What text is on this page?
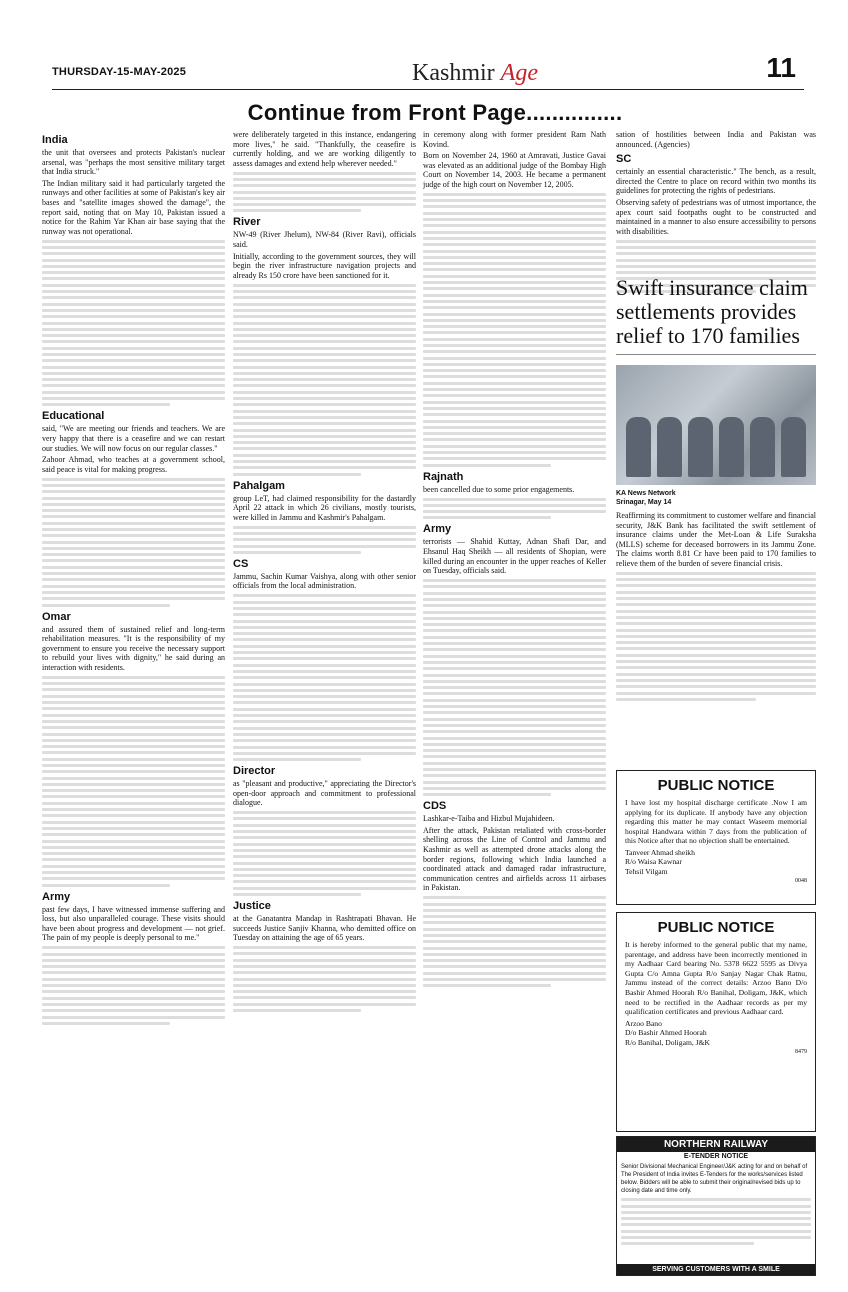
THURSDAY-15-MAY-2025	Kashmir Age	11
Continue from Front Page...............
India

the unit that oversees and protects Pakistan's nuclear arsenal, was "perhaps the most sensitive military target that India struck."

The Indian military said it had particularly targeted the runways and other facilities at some of Pakistan's key air bases and "satellite images showed the damage", the report said, noting that on May 10, Pakistan issued a notice for the Rahim Yar Khan air base saying that the runway was not operational.

Educational

said, "We are meeting our friends and teachers. We are very happy that there is a ceasefire and we can restart our studies. We will now focus on our regular classes."

Zahoor Ahmad, who teaches at a government school, said peace is vital for making progress.

Omar

and assured them of sustained relief and long-term rehabilitation measures. "It is the responsibility of my government to ensure you receive the necessary support to rebuild your lives with dignity," he said during an interaction with residents.

Army

past few days, I have witnessed immense suffering and loss, but also unparalleled courage. These visits should have been about progress and development — not grief. The pain of my people is deeply personal to me."

were deliberately targeted in this instance, endangering more lives," he said. "Thankfully, the ceasefire is currently holding, and we are working diligently to assess damages and extend help wherever needed."

River

NW-49 (River Jhelum), NW-84 (River Ravi), officials said.

Initially, according to the government sources, they will begin the river infrastructure navigation projects and already Rs 150 crore have been sanctioned for it.

Pahalgam

group LeT, had claimed responsibility for the dastardly April 22 attack in which 26 civilians, mostly tourists, were killed in Jammu and Kashmir's Pahalgam.

CS

Jammu, Sachin Kumar Vaishya, along with other senior officials from the local administration.

Director

as "pleasant and productive," appreciating the Director's open-door approach and commitment to professional dialogue.

Justice

at the Ganatantra Mandap in Rashtrapati Bhavan. He succeeds Justice Sanjiv Khanna, who demitted office on Tuesday on attaining the age of 65 years.

in ceremony along with former president Ram Nath Kovind.

Born on November 24, 1960 at Amravati, Justice Gavai was elevated as an additional judge of the Bombay High Court on November 14, 2003. He became a permanent judge of the high court on November 12, 2005.

Rajnath

been cancelled due to some prior engagements.

Army

terrorists — Shahid Kuttay, Adnan Shafi Dar, and Ehsanul Haq Sheikh — all residents of Shopian, were killed during an encounter in the upper reaches of Keller on Tuesday, officials said.

CDS

Lashkar-e-Taiba and Hizbul Mujahideen.

After the attack, Pakistan retaliated with cross-border shelling across the Line of Control and Jammu and Kashmir as well as attempted drone attacks along the border regions, following which India launched a coordinated attack and damaged radar infrastructure, communication centres and airfields across 11 airbases in Pakistan.

sation of hostilities between India and Pakistan was announced. (Agencies)

SC

certainly an essential characteristic." The bench, as a result, directed the Centre to place on record within two months its guidelines for protecting the rights of pedestrians.

Observing safety of pedestrians was of utmost importance, the apex court said footpaths ought to be constructed and maintained in a manner to also ensure accessibility to persons with disabilities.

Swift insurance claim settlements provides relief to 170 families
KA News Network
Srinagar, May 14

Reaffirming its commitment to customer welfare and financial security, J&K Bank has facilitated the swift settlement of insurance claims under the Met-Loan & Life Suraksha (MLLS) scheme for deceased borrowers in its Jammu Zone. The claims worth 8.81 Cr have been paid to 170 families to relieve them of the burden of severe financial crisis.

PUBLIC NOTICE

I have lost my hospital discharge certificate .Now I am applying for its duplicate. If anybody have any objection regarding this matter he may contact Waseem memorial hospital Handwara within 7 days from the publication of this Notice after that no objection shall be entertained.

Tanveer Ahmad sheikh
R/o Waisa Kawnar
Tehsil Vilgam
0048
PUBLIC NOTICE

It is hereby informed to the general public that my name, parentage, and address have been incorrectly mentioned in my Aadhaar Card bearing No. 5378 6622 5595 as Divya Gupta C/o Amna Gupta R/o Sanjay Nagar Chak Ratnu, Jammu instead of the correct details: Arzoo Bano D/o Bashir Ahmed Hoorah R/o Banihal, Doligam, J&K, which need to be rectified in the Aadhaar records as per my qualification certificates and previous Aadhaar card.

Arzoo Bano
D/o Bashir Ahmed Hoorah
R/o Banihal, Doligam, J&K
8479
NORTHERN RAILWAY
E-TENDER NOTICE
Senior Divisional Mechanical Engineer/J&K acting for and on behalf of The President of India invites E-Tenders for the works/services listed below. Bidders will be able to submit their original/revised bids up to closing date and time only.
SERVING CUSTOMERS WITH A SMILE
